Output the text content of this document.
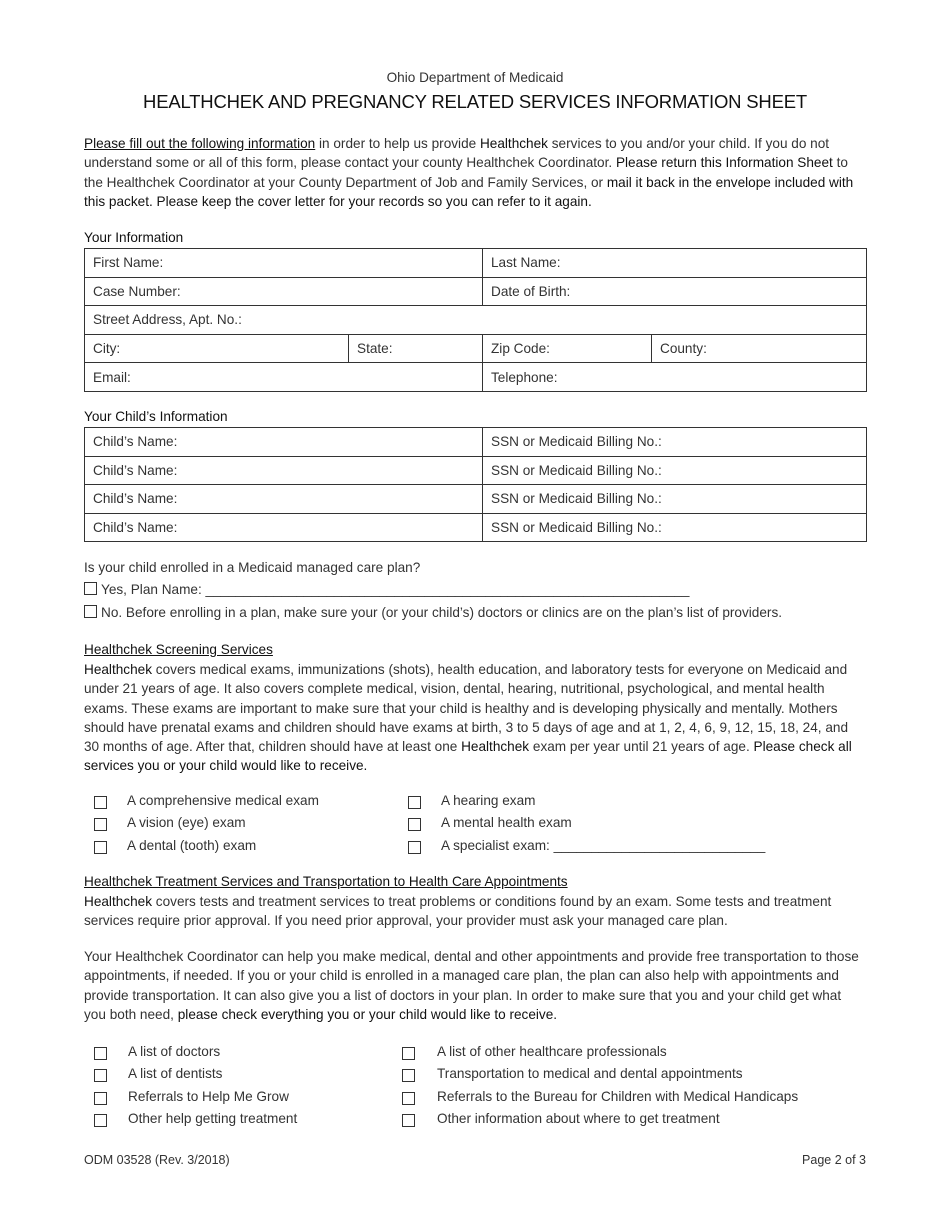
Ohio Department of Medicaid
HEALTHCHEK AND PREGNANCY RELATED SERVICES INFORMATION SHEET
Please fill out the following information in order to help us provide Healthchek services to you and/or your child. If you do not understand some or all of this form, please contact your county Healthchek Coordinator. Please return this Information Sheet to the Healthchek Coordinator at your County Department of Job and Family Services, or mail it back in the envelope included with this packet. Please keep the cover letter for your records so you can refer to it again.
Your Information
First Name:		Last Name:	
Case Number:		Date of Birth:	
Street Address, Apt. No.:			
City:	State:	Zip Code:	County:
Email:		Telephone:	
Your Child’s Information
Child’s Name:	SSN or Medicaid Billing No.:
Child’s Name:	SSN or Medicaid Billing No.:
Child’s Name:	SSN or Medicaid Billing No.:
Child’s Name:	SSN or Medicaid Billing No.:
Is your child enrolled in a Medicaid managed care plan?
Yes, Plan Name: ________________________________________________________________
No. Before enrolling in a plan, make sure your (or your child’s) doctors or clinics are on the plan’s list of providers.
Healthchek Screening Services
Healthchek covers medical exams, immunizations (shots), health education, and laboratory tests for everyone on Medicaid and under 21 years of age. It also covers complete medical, vision, dental, hearing, nutritional, psychological, and mental health exams. These exams are important to make sure that your child is healthy and is developing physically and mentally. Mothers should have prenatal exams and children should have exams at birth, 3 to 5 days of age and at 1, 2, 4, 6, 9, 12, 15, 18, 24, and 30 months of age. After that, children should have at least one Healthchek exam per year until 21 years of age. Please check all services you or your child would like to receive.
A comprehensive medical exam
A vision (eye) exam
A dental (tooth) exam
A hearing exam
A mental health exam
A specialist exam: ____________________________
Healthchek Treatment Services and Transportation to Health Care Appointments
Healthchek covers tests and treatment services to treat problems or conditions found by an exam. Some tests and treatment services require prior approval. If you need prior approval, your provider must ask your managed care plan.
Your Healthchek Coordinator can help you make medical, dental and other appointments and provide free transportation to those appointments, if needed. If you or your child is enrolled in a managed care plan, the plan can also help with appointments and provide transportation. It can also give you a list of doctors in your plan. In order to make sure that you and your child get what you both need, please check everything you or your child would like to receive.
A list of doctors
A list of dentists
Referrals to Help Me Grow
Other help getting treatment
A list of other healthcare professionals
Transportation to medical and dental appointments
Referrals to the Bureau for Children with Medical Handicaps
Other information about where to get treatment
ODM 03528 (Rev. 3/2018)	Page 2 of 3
